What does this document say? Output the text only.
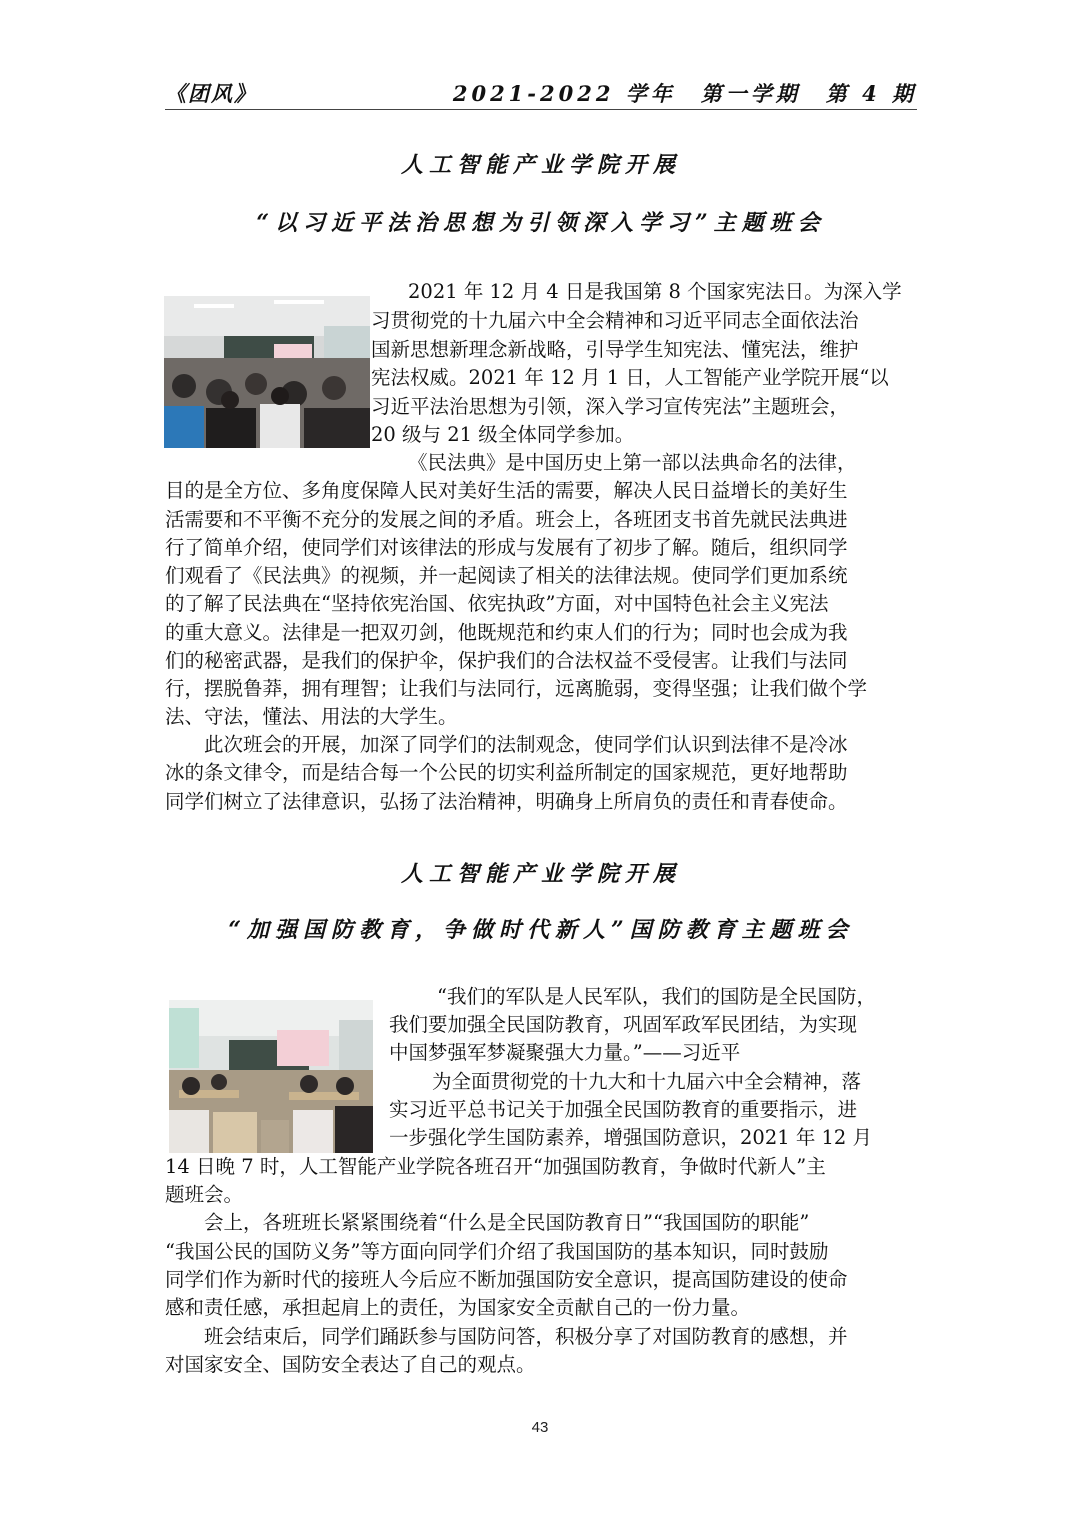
《团风》	2021-2022 学年　第一学期　第 4 期
人工智能产业学院开展
“以习近平法治思想为引领深入学习”主题班会
2021 年 12 月 4 日是我国第 8 个国家宪法日。为深入学
习贯彻党的十九届六中全会精神和习近平同志全面依法治
国新思想新理念新战略，引导学生知宪法、懂宪法，维护
宪法权威。2021 年 12 月 1 日，人工智能产业学院开展“以
习近平法治思想为引领，深入学习宣传宪法”主题班会，
20 级与 21 级全体同学参加。
《民法典》是中国历史上第一部以法典命名的法律，
目的是全方位、多角度保障人民对美好生活的需要，解决人民日益增长的美好生
活需要和不平衡不充分的发展之间的矛盾。班会上，各班团支书首先就民法典进
行了简单介绍，使同学们对该律法的形成与发展有了初步了解。随后，组织同学
们观看了《民法典》的视频，并一起阅读了相关的法律法规。使同学们更加系统
的了解了民法典在“坚持依宪治国、依宪执政”方面，对中国特色社会主义宪法
的重大意义。法律是一把双刃剑，他既规范和约束人们的行为；同时也会成为我
们的秘密武器，是我们的保护伞，保护我们的合法权益不受侵害。让我们与法同
行，摆脱鲁莽，拥有理智；让我们与法同行，远离脆弱，变得坚强；让我们做个学
法、守法，懂法、用法的大学生。
此次班会的开展，加深了同学们的法制观念，使同学们认识到法律不是冷冰
冰的条文律令，而是结合每一个公民的切实利益所制定的国家规范，更好地帮助
同学们树立了法律意识，弘扬了法治精神，明确身上所肩负的责任和青春使命。
人工智能产业学院开展
“加强国防教育，争做时代新人”国防教育主题班会
“我们的军队是人民军队，我们的国防是全民国防，
我们要加强全民国防教育，巩固军政军民团结，为实现
中国梦强军梦凝聚强大力量。”——习近平
为全面贯彻党的十九大和十九届六中全会精神，落
实习近平总书记关于加强全民国防教育的重要指示，进
一步强化学生国防素养，增强国防意识，2021 年 12 月
14 日晚 7 时，人工智能产业学院各班召开“加强国防教育，争做时代新人”主
题班会。
会上，各班班长紧紧围绕着“什么是全民国防教育日”“我国国防的职能”
“我国公民的国防义务”等方面向同学们介绍了我国国防的基本知识，同时鼓励
同学们作为新时代的接班人今后应不断加强国防安全意识，提高国防建设的使命
感和责任感，承担起肩上的责任，为国家安全贡献自己的一份力量。
班会结束后，同学们踊跃参与国防问答，积极分享了对国防教育的感想，并
对国家安全、国防安全表达了自己的观点。
43
